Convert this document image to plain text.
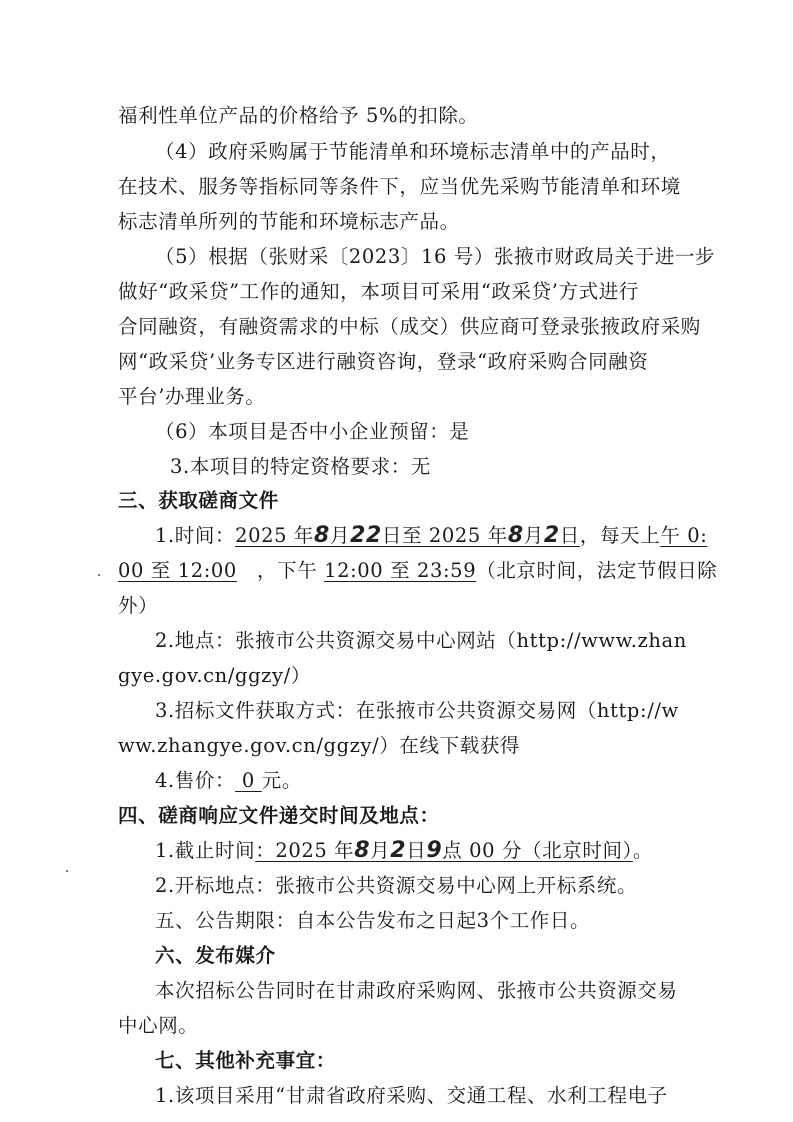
福利性单位产品的价格给予 5%的扣除。
（4）政府采购属于节能清单和环境标志清单中的产品时，
在技术、服务等指标同等条件下，应当优先采购节能清单和环境
标志清单所列的节能和环境标志产品。
（5）根据（张财采〔2023〕16 号）张掖市财政局关于进一步
做好“政采贷”工作的通知，本项目可采用“政采贷’方式进行
合同融资，有融资需求的中标（成交）供应商可登录张掖政府采购
网“政采贷’业务专区进行融资咨询，登录“政府采购合同融资
平台’办理业务。
（6）本项目是否中小企业预留：是
3.本项目的特定资格要求：无
三、获取磋商文件
1.时间：2025 年8月22日至 2025 年8月2日，每天上午 0:
00 至 12:00　，下午 12:00 至 23:59（北京时间，法定节假日除
外）
2.地点：张掖市公共资源交易中心网站（http://www.zhan
gye.gov.cn/ggzy/）
3.招标文件获取方式：在张掖市公共资源交易网（http://w
ww.zhangye.gov.cn/ggzy/）在线下载获得
4.售价： 0 元。
四、磋商响应文件递交时间及地点：
1.截止时间：2025 年8月2日9点 00 分（北京时间）。
2.开标地点：张掖市公共资源交易中心网上开标系统。
五、公告期限：自本公告发布之日起3个工作日。
六、发布媒介
本次招标公告同时在甘肃政府采购网、张掖市公共资源交易
中心网。
七、其他补充事宜：
1.该项目采用“甘肃省政府采购、交通工程、水利工程电子
